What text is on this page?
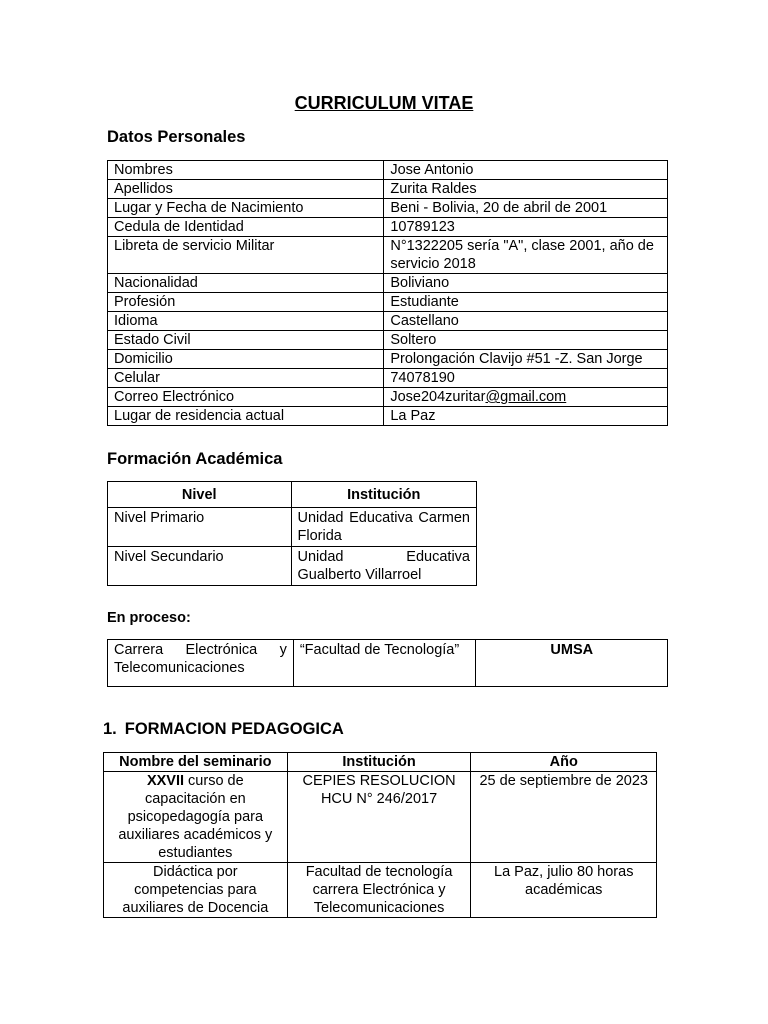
CURRICULUM VITAE
Datos Personales
Nombres	Jose Antonio
Apellidos	Zurita Raldes
Lugar y Fecha de Nacimiento	Beni - Bolivia, 20 de abril de 2001
Cedula de Identidad	10789123
Libreta de servicio Militar	N°1322205 sería "A", clase 2001, año de servicio 2018
Nacionalidad	Boliviano
Profesión	Estudiante
Idioma	Castellano
Estado Civil	Soltero
Domicilio	Prolongación Clavijo #51 -Z. San Jorge
Celular	74078190
Correo Electrónico	Jose204zuritar@gmail.com
Lugar de residencia actual	La Paz
Formación Académica
Nivel	Institución
Nivel Primario	Unidad Educativa Carmen Florida
Nivel Secundario	Unidad Educativa Gualberto Villarroel
En proceso:
Carrera Electrónica y Telecomunicaciones	“Facultad de Tecnología”	UMSA
1. FORMACION PEDAGOGICA
Nombre del seminario	Institución	Año
XXVII curso de capacitación en psicopedagogía para auxiliares académicos y estudiantes	CEPIES RESOLUCION HCU N° 246/2017	25 de septiembre de 2023
Didáctica por competencias para auxiliares de Docencia	Facultad de tecnología carrera Electrónica y Telecomunicaciones	La Paz, julio 80 horas académicas
